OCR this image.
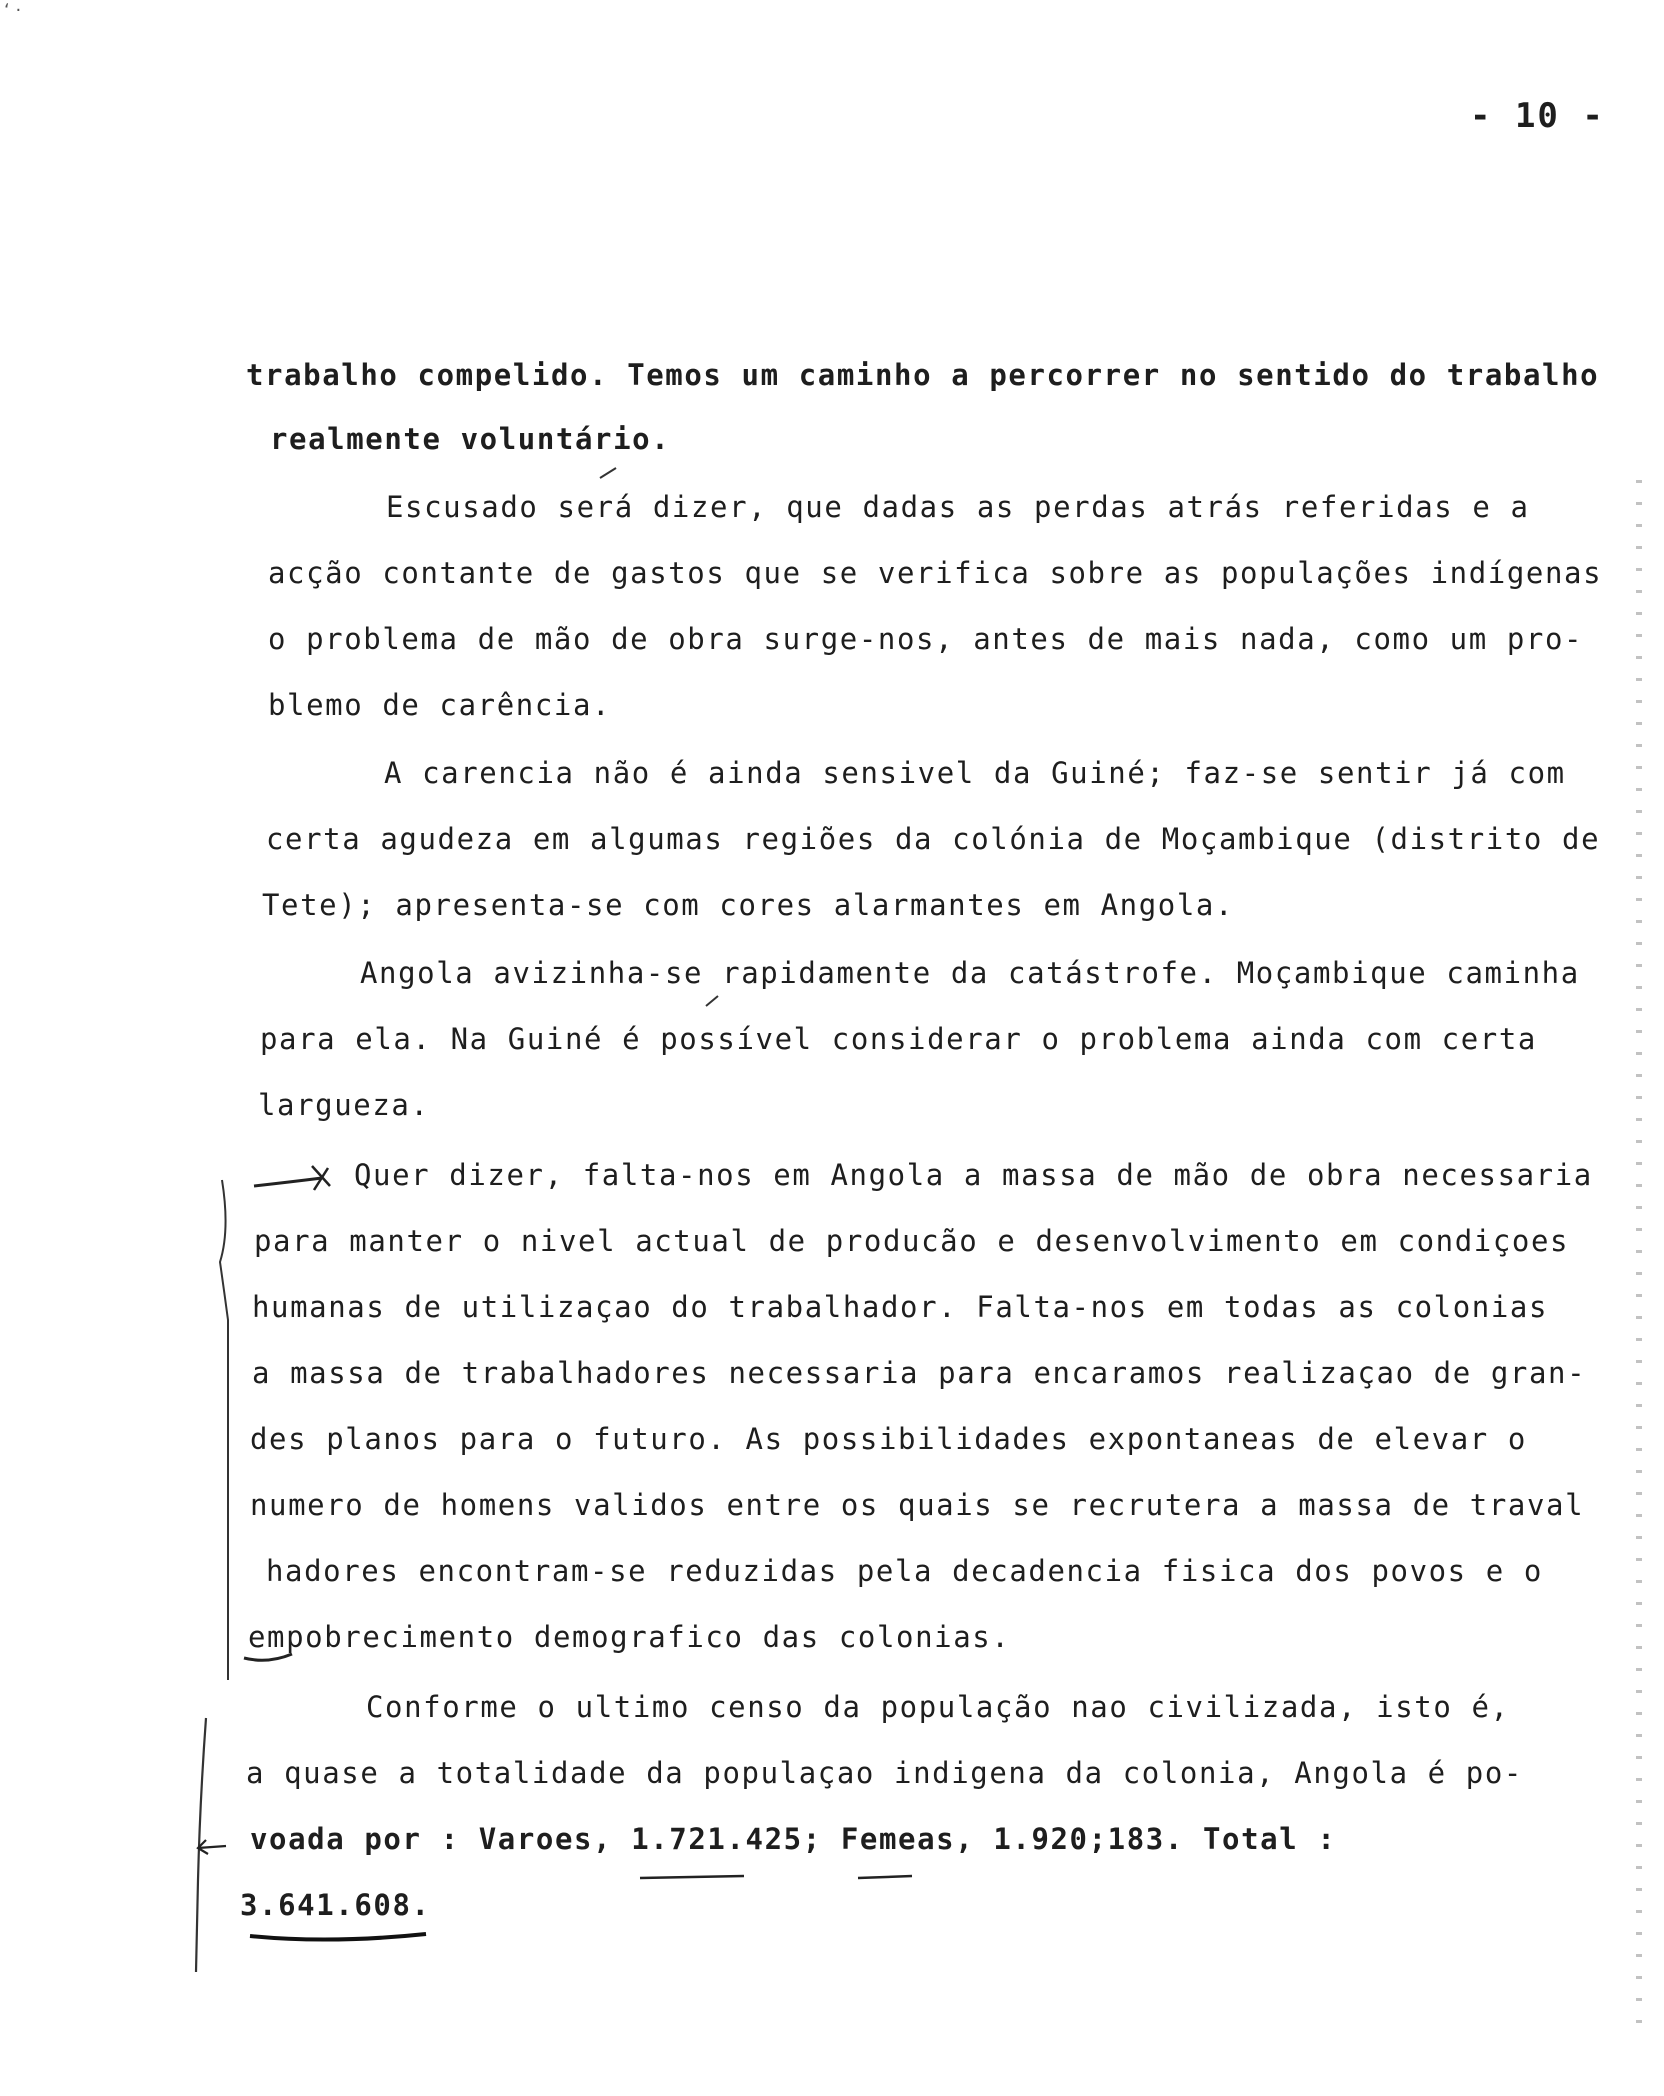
ʻ ·
- 10 -
trabalho compelido. Temos um caminho a percorrer no sentido do trabalho
realmente voluntário.
Escusado será dizer, que dadas as perdas atrás referidas e a
acção contante de gastos que se verifica sobre as populações indígenas
o problema de mão de obra surge-nos, antes de mais nada, como um pro-
blemo de carência.
A carencia não é ainda sensivel da Guiné; faz-se sentir já com
certa agudeza em algumas regiões da colónia de Moçambique (distrito de
Tete); apresenta-se com cores alarmantes em Angola.
Angola avizinha-se rapidamente da catástrofe. Moçambique caminha
para ela. Na Guiné é possível considerar o problema ainda com certa
largueza.
Quer dizer, falta-nos em Angola a massa de mão de obra necessaria
para manter o nivel actual de producão e desenvolvimento em condiçoes
humanas de utilizaçao do trabalhador. Falta-nos em todas as colonias
a massa de trabalhadores necessaria para encaramos realizaçao de gran-
des planos para o futuro. As possibilidades expontaneas de elevar o
numero de homens validos entre os quais se recrutera a massa de traval
hadores encontram-se reduzidas pela decadencia fisica dos povos e o
empobrecimento demografico das colonias.
Conforme o ultimo censo da população nao civilizada, isto é,
a quase a totalidade da populaçao indigena da colonia, Angola é po-
voada por : Varoes, 1.721.425; Femeas, 1.920;183. Total :
3.641.608.
